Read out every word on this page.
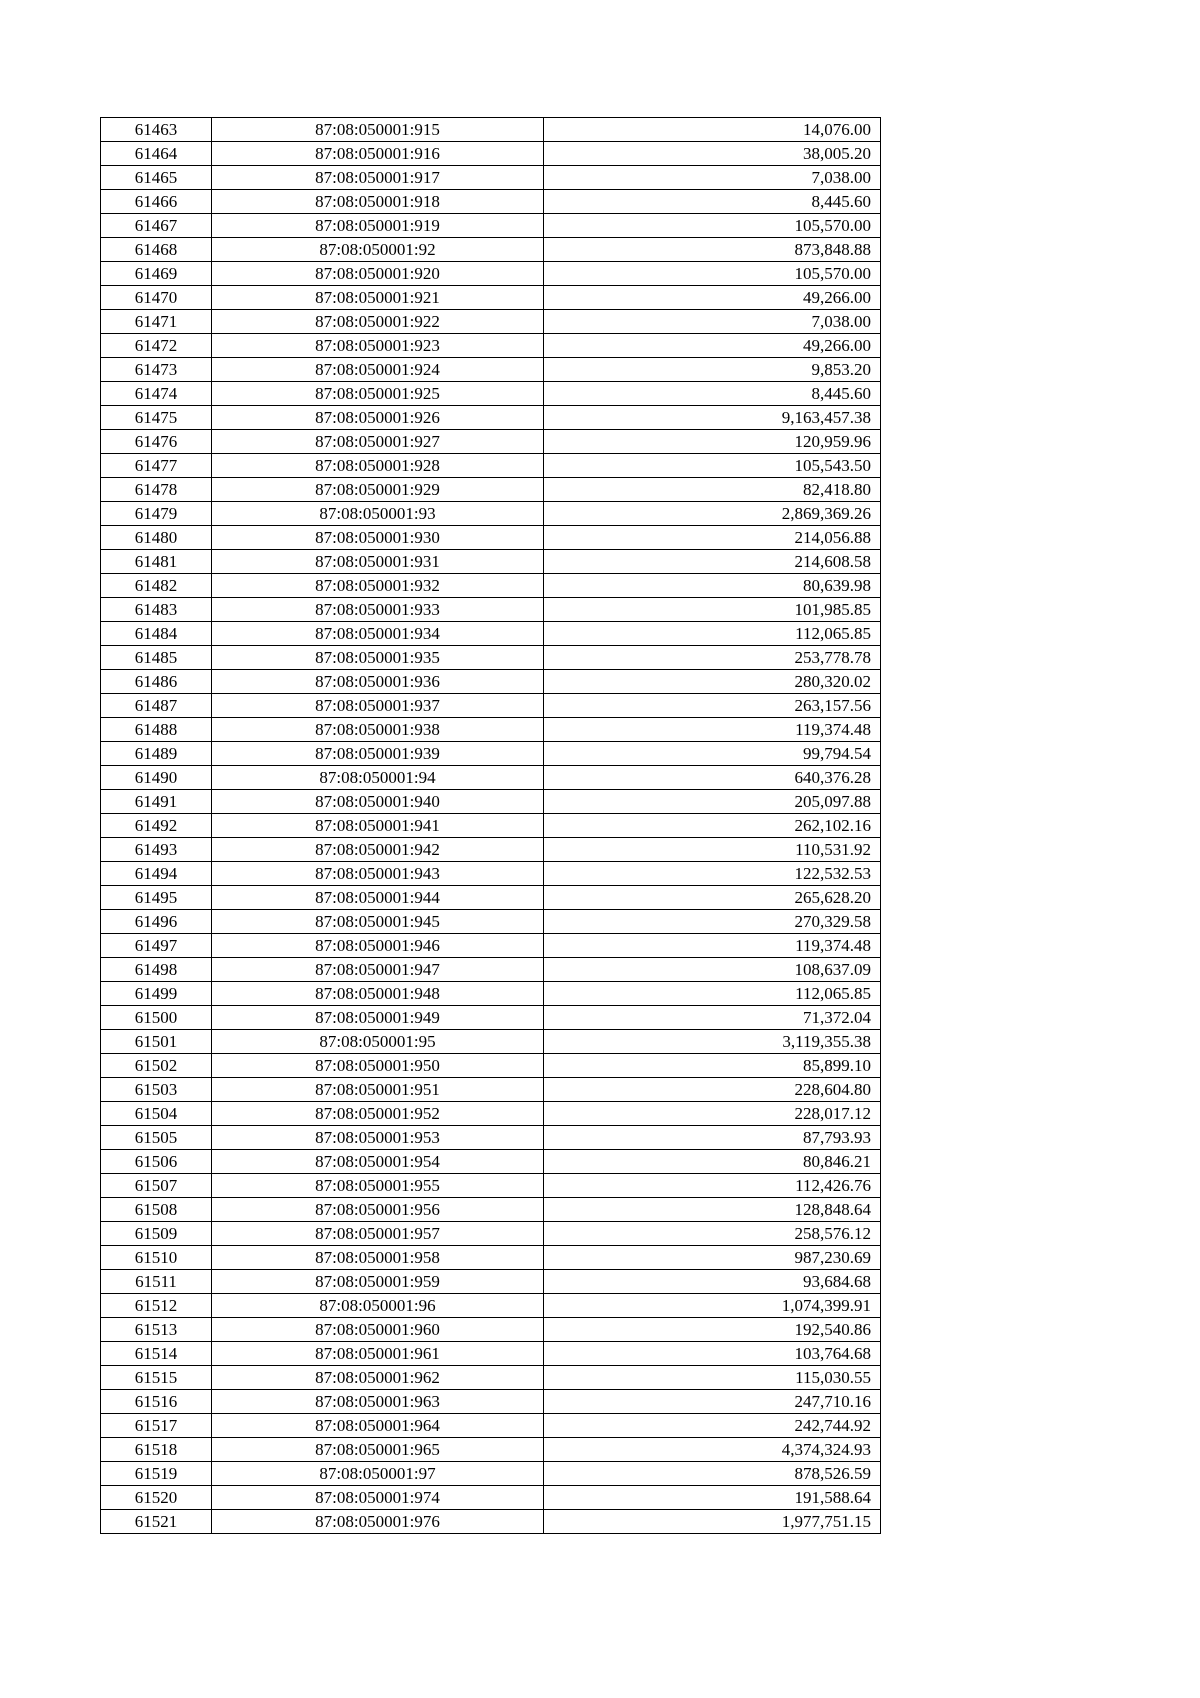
61463	87:08:050001:915	14,076.00
61464	87:08:050001:916	38,005.20
61465	87:08:050001:917	7,038.00
61466	87:08:050001:918	8,445.60
61467	87:08:050001:919	105,570.00
61468	87:08:050001:92	873,848.88
61469	87:08:050001:920	105,570.00
61470	87:08:050001:921	49,266.00
61471	87:08:050001:922	7,038.00
61472	87:08:050001:923	49,266.00
61473	87:08:050001:924	9,853.20
61474	87:08:050001:925	8,445.60
61475	87:08:050001:926	9,163,457.38
61476	87:08:050001:927	120,959.96
61477	87:08:050001:928	105,543.50
61478	87:08:050001:929	82,418.80
61479	87:08:050001:93	2,869,369.26
61480	87:08:050001:930	214,056.88
61481	87:08:050001:931	214,608.58
61482	87:08:050001:932	80,639.98
61483	87:08:050001:933	101,985.85
61484	87:08:050001:934	112,065.85
61485	87:08:050001:935	253,778.78
61486	87:08:050001:936	280,320.02
61487	87:08:050001:937	263,157.56
61488	87:08:050001:938	119,374.48
61489	87:08:050001:939	99,794.54
61490	87:08:050001:94	640,376.28
61491	87:08:050001:940	205,097.88
61492	87:08:050001:941	262,102.16
61493	87:08:050001:942	110,531.92
61494	87:08:050001:943	122,532.53
61495	87:08:050001:944	265,628.20
61496	87:08:050001:945	270,329.58
61497	87:08:050001:946	119,374.48
61498	87:08:050001:947	108,637.09
61499	87:08:050001:948	112,065.85
61500	87:08:050001:949	71,372.04
61501	87:08:050001:95	3,119,355.38
61502	87:08:050001:950	85,899.10
61503	87:08:050001:951	228,604.80
61504	87:08:050001:952	228,017.12
61505	87:08:050001:953	87,793.93
61506	87:08:050001:954	80,846.21
61507	87:08:050001:955	112,426.76
61508	87:08:050001:956	128,848.64
61509	87:08:050001:957	258,576.12
61510	87:08:050001:958	987,230.69
61511	87:08:050001:959	93,684.68
61512	87:08:050001:96	1,074,399.91
61513	87:08:050001:960	192,540.86
61514	87:08:050001:961	103,764.68
61515	87:08:050001:962	115,030.55
61516	87:08:050001:963	247,710.16
61517	87:08:050001:964	242,744.92
61518	87:08:050001:965	4,374,324.93
61519	87:08:050001:97	878,526.59
61520	87:08:050001:974	191,588.64
61521	87:08:050001:976	1,977,751.15
